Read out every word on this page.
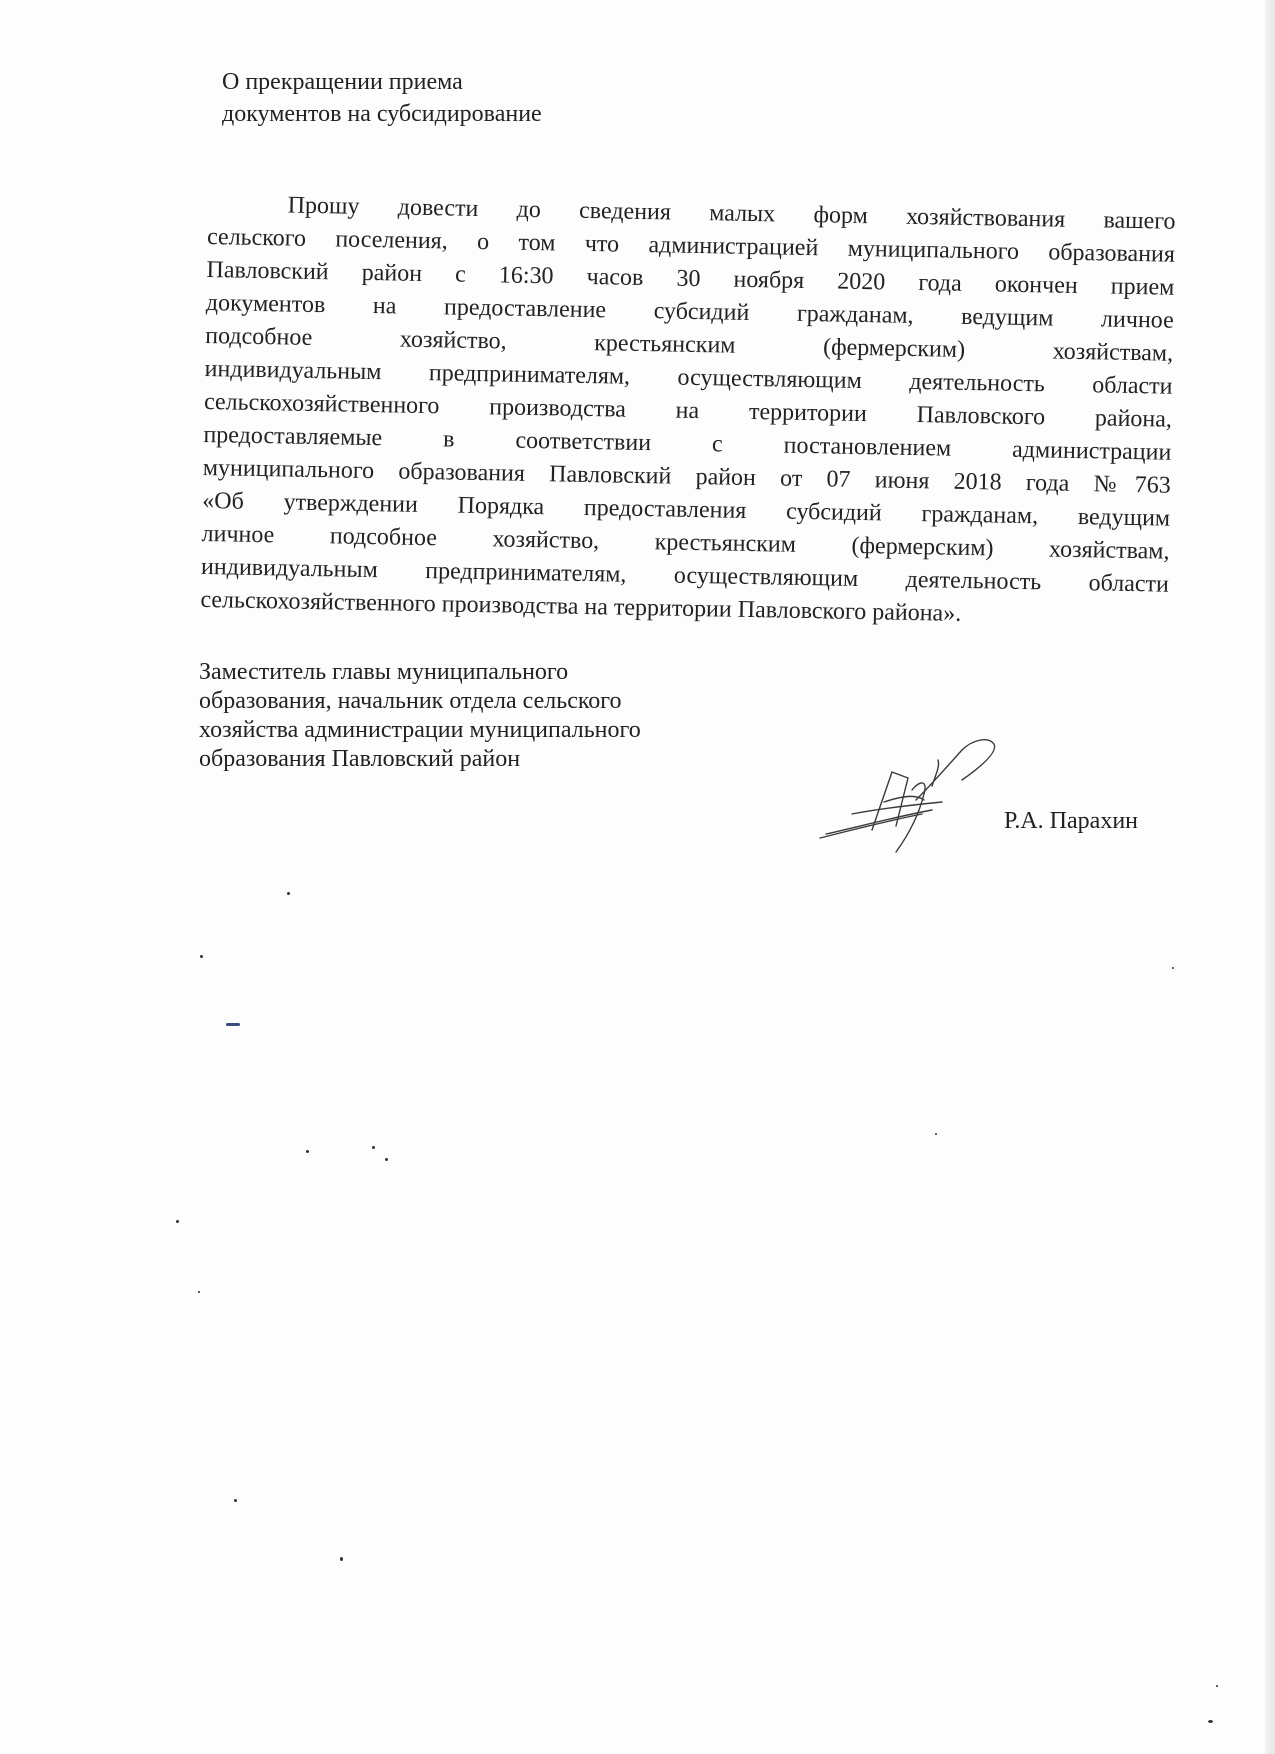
О прекращении приема
документов на субсидирование
Прошу довести до сведения малых форм хозяйствования вашего
сельского поселения, о том что администрацией муниципального образования
Павловский район с 16:30 часов 30 ноября 2020 года окончен прием
документов на предоставление субсидий гражданам, ведущим личное
подсобное хозяйство, крестьянским (фермерским) хозяйствам,
индивидуальным предпринимателям, осуществляющим деятельность области
сельскохозяйственного производства на территории Павловского района,
предоставляемые в соответствии с постановлением администрации
муниципального образования Павловский район от 07 июня 2018 года №763
«Об утверждении Порядка предоставления субсидий гражданам, ведущим
личное подсобное хозяйство, крестьянским (фермерским) хозяйствам,
индивидуальным предпринимателям, осуществляющим деятельность области
сельскохозяйственного производства на территории Павловского района».
Заместитель главы муниципального
образования, начальник отдела сельского
хозяйства администрации муниципального
образования Павловский район
Р.А. Парахин
